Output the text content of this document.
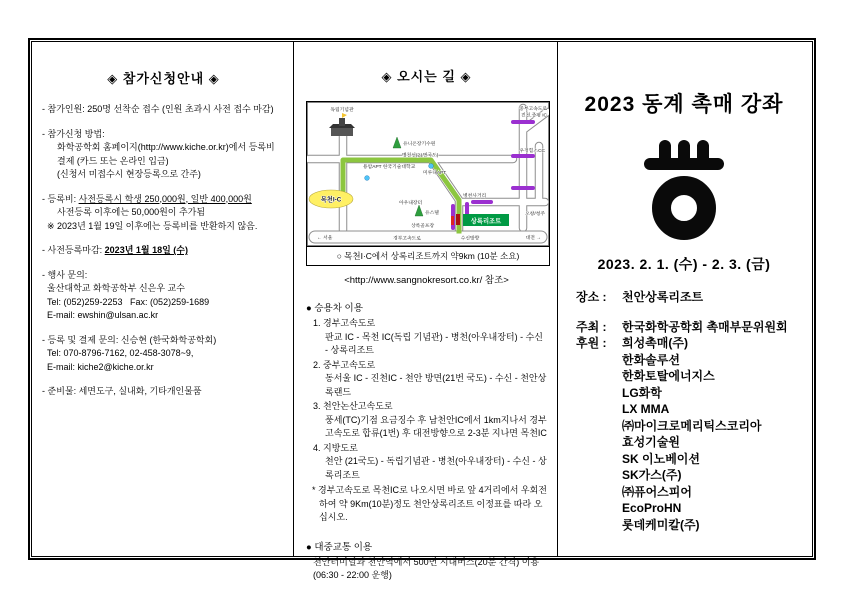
◈ 참가신청안내 ◈
- 참가인원: 250명 선착순 접수 (인원 초과시 사전 접수 마감)
- 참가신청 방법:
화학공학회 홈페이지(http://www.kiche.or.kr)에서 등록비
결제 (카드 또는 온라인 입금)
(신청서 미접수시 현장등록으로 간주)
- 등록비: 사전등록시 학생 250,000원, 일반 400,000원
사전등록 이후에는 50,000원이 추가됨
※ 2023년 1월 19일 이후에는 등록비를 반환하지 않음.
- 사전등록마감: 2023년 1월 18일 (수)
- 행사 문의:
울산대학교 화학공학부 신은우 교수
Tel: (052)259-2253   Fax: (052)259-1689
E-mail: ewshin@ulsan.ac.kr
- 등록 및 결제 문의: 신승현 (한국화학공학회)
Tel: 070-8796-7162, 02-458-3078~9,
E-mail: kiche2@kiche.or.kr
- 준비물: 세면도구, 실내화, 기타개인물품
◈ 오시는 길 ◈
목천I-C
상록리조트
독립기념관
용암APT 한국기술대학교
유니온장기수원
병천선(21번국도)
미루내APT
병천사거리
아우내장터
유스텔
상록골프장
중부고속도로
진천,증평 IC
우정힐스CC
오창/청주
← 서울	경부고속도로	수신방향	대전 →
○ 목천I·C에서 상록리조트까지 약9km (10분 소요)
<http://www.sangnokresort.co.kr/ 참조>
● 승용차 이용
1. 경부고속도로
판교 IC - 목천 IC(독립 기념관) - 병천(아우내장터) - 수신 - 상록리조트
2. 중부고속도로
동서울 IC - 진천IC - 천안 방면(21번 국도) - 수신 - 천안상록랜드
3. 천안논산고속도로
풍세(TC)기점 요금징수 후 남천안IC에서 1km지나서 경부고속도로 합류(1번) 후 대전방향으로 2-3분 지나면 목천IC
4. 지방도로
천안 (21국도) - 독립기념관 - 병천(아우내장터) - 수신 - 상록리조트
* 경부고속도로 목천IC로 나오시면 바로 앞 4거리에서 우회전하여 약 9Km(10분)정도 천안상록리조트 이정표를 따라 오십시오.
● 대중교통 이용
천안터미널과 천안역에서 500번 시내버스(20분 간격) 이용 (06:30 - 22:00 운행)
2023 동계 촉매 강좌
2023. 2. 1. (수) - 2. 3. (금)
장소 :	천안상록리조트
주최 :	한국화학공학회 촉매부문위원회
후원 :	희성촉매(주)
한화솔루션
한화토탈에너지스
LG화학
LX MMA
㈜마이크로메리틱스코리아
효성기술원
SK 이노베이션
SK가스(주)
㈜퓨어스피어
EcoProHN
롯데케미칼(주)
